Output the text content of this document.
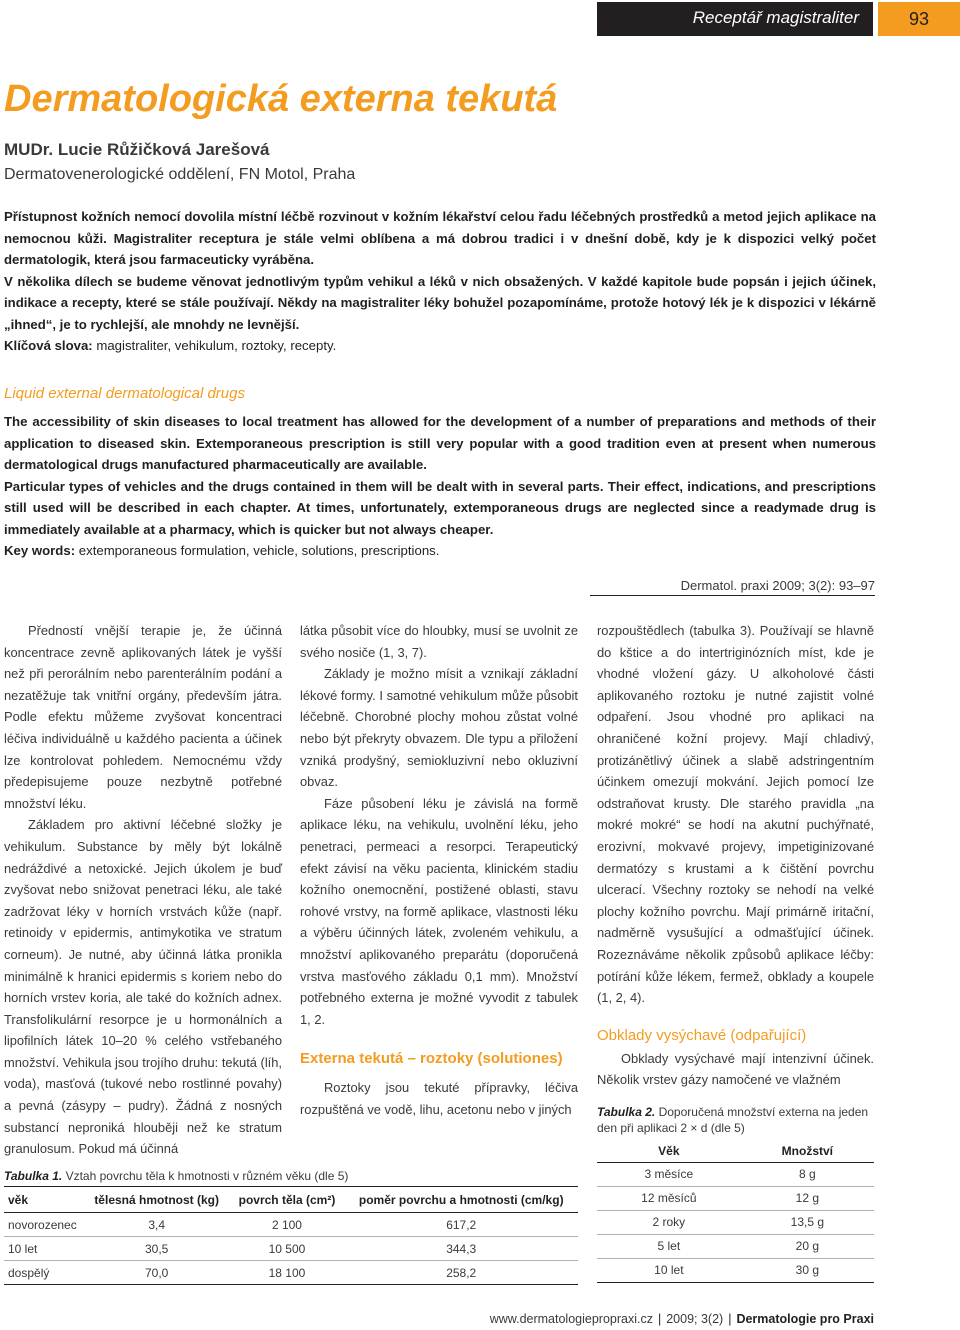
Receptář magistraliter	93
Dermatologická externa tekutá
MUDr. Lucie Růžičková Jarešová
Dermatovenerologické oddělení, FN Motol, Praha

Přístupnost kožních nemocí dovolila místní léčbě rozvinout v kožním lékařství celou řadu léčebných prostředků a metod jejich aplikace na nemocnou kůži. Magistraliter receptura je stále velmi oblíbena a má dobrou tradici i v dnešní době, kdy je k dispozici velký počet dermatologik, která jsou farmaceuticky vyráběna.

V několika dílech se budeme věnovat jednotlivým typům vehikul a léků v nich obsažených. V každé kapitole bude popsán i jejich účinek, indikace a recepty, které se stále používají. Někdy na magistraliter léky bohužel pozapomínáme, protože hotový lék je k dispozici v lékárně „ihned“, je to rychlejší, ale mnohdy ne levnější.

Klíčová slova: magistraliter, vehikulum, roztoky, recepty.

Liquid external dermatological drugs

The accessibility of skin diseases to local treatment has allowed for the development of a number of preparations and methods of their application to diseased skin. Extemporaneous prescription is still very popular with a good tradition even at present when numerous dermatological drugs manufactured pharmaceutically are available.

Particular types of vehicles and the drugs contained in them will be dealt with in several parts. Their effect, indications, and prescriptions still used will be described in each chapter. At times, unfortunately, extemporaneous drugs are neglected since a readymade drug is immediately available at a pharmacy, which is quicker but not always cheaper.

Key words: extemporaneous formulation, vehicle, solutions, prescriptions.

Dermatol. praxi 2009; 3(2): 93–97

Předností vnější terapie je, že účinná koncentrace zevně aplikovaných látek je vyšší než při perorálním nebo parenterálním podání a nezatěžuje tak vnitřní orgány, především játra. Podle efektu můžeme zvyšovat koncentraci léčiva individuálně u každého pacienta a účinek lze kontrolovat pohledem. Nemocnému vždy předepisujeme pouze nezbytně potřebné množství léku.

Základem pro aktivní léčebné složky je vehikulum. Substance by měly být lokálně nedráždivé a netoxické. Jejich úkolem je buď zvyšovat nebo snižovat penetraci léku, ale také zadržovat léky v horních vrstvách kůže (např. retinoidy v epidermis, antimykotika ve stratum corneum). Je nutné, aby účinná látka pronikla minimálně k hranici epidermis s koriem nebo do horních vrstev koria, ale také do kožních adnex. Transfolikulární resorpce je u hormonálních a lipofilních látek 10–20 % celého vstřebaného množství. Vehikula jsou trojího druhu: tekutá (líh, voda), masťová (tukové nebo rostlinné povahy) a pevná (zásypy – pudry). Žádná z nosných substancí neproniká hlouběji než ke stratum granulosum. Pokud má účinná

látka působit více do hloubky, musí se uvolnit ze svého nosiče (1, 3, 7).

Základy je možno mísit a vznikají základní lékové formy. I samotné vehikulum může působit léčebně. Chorobné plochy mohou zůstat volné nebo být překryty obvazem. Dle typu a přiložení vzniká prodyšný, semiokluzivní nebo okluzivní obvaz.

Fáze působení léku je závislá na formě aplikace léku, na vehikulu, uvolnění léku, jeho penetraci, permeaci a resorpci. Terapeutický efekt závisí na věku pacienta, klinickém stadiu kožního onemocnění, postižené oblasti, stavu rohové vrstvy, na formě aplikace, vlastnosti léku a výběru účinných látek, zvoleném vehikulu, a množství aplikovaného preparátu (doporučená vrstva masťového základu 0,1 mm). Množství potřebného externa je možné vyvodit z tabulek 1, 2.

Externa tekutá – roztoky (solutiones)

Roztoky jsou tekuté přípravky, léčiva rozpuštěná ve vodě, lihu, acetonu nebo v jiných

rozpouštědlech (tabulka 3). Používají se hlavně do kštice a do intertriginózních míst, kde je vhodné vložení gázy. U alkoholové části aplikovaného roztoku je nutné zajistit volné odpaření. Jsou vhodné pro aplikaci na ohraničené kožní projevy. Mají chladivý, protizánětlivý účinek a slabě adstringentním účinkem omezují mokvání. Jejich pomocí lze odstraňovat krusty. Dle starého pravidla „na mokré mokré“ se hodí na akutní puchýřnaté, erozivní, mokvavé projevy, impetiginizované dermatózy s krustami a k čištění povrchu ulcerací. Všechny roztoky se nehodí na velké plochy kožního povrchu. Mají primárně iritační, nadměrně vysušující a odmašťující účinek. Rozeznáváme několik způsobů aplikace léčby: potírání kůže lékem, fermež, obklady a koupele (1, 2, 4).

Obklady vysýchavé (odpařující)

Obklady vysýchavé mají intenzivní účinek. Několik vrstev gázy namočené ve vlažném

Tabulka 2. Doporučená množství externa na jeden den při aplikaci 2 × d (dle 5)
Věk	Množství
3 měsíce	8 g
12 měsíců	12 g
2 roky	13,5 g
5 let	20 g
10 let	30 g
Tabulka 1. Vztah povrchu těla k hmotnosti v různém věku (dle 5)
věk	tělesná hmotnost (kg)	povrch těla (cm²)	poměr povrchu a hmotnosti (cm/kg)
novorozenec	3,4	2 100	617,2
10 let	30,5	10 500	344,3
dospělý	70,0	18 100	258,2
www.dermatologiepropraxi.cz | 2009; 3(2) | Dermatologie pro Praxi
